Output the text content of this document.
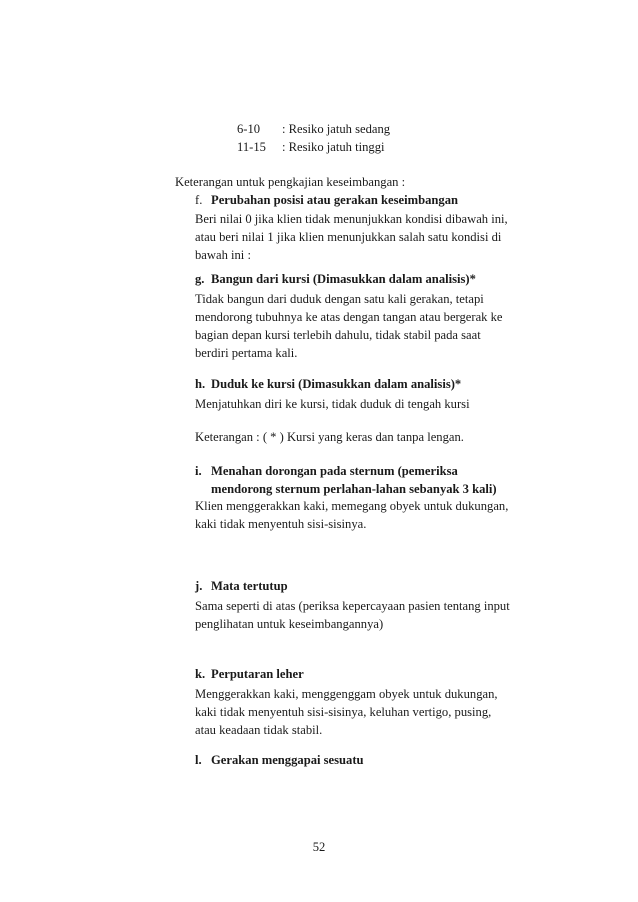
6-10 : Resiko jatuh sedang
11-15 : Resiko jatuh tinggi
Keterangan untuk pengkajian keseimbangan :
f. Perubahan posisi atau gerakan keseimbangan
Beri nilai 0 jika klien tidak menunjukkan kondisi dibawah ini,
atau beri nilai 1 jika klien menunjukkan salah satu kondisi di
bawah ini :
g. Bangun dari kursi (Dimasukkan dalam analisis)*
Tidak bangun dari duduk dengan satu kali gerakan, tetapi
mendorong tubuhnya ke atas dengan tangan atau bergerak ke
bagian depan kursi terlebih dahulu, tidak stabil pada saat
berdiri pertama kali.
h. Duduk ke kursi (Dimasukkan dalam analisis)*
Menjatuhkan diri ke kursi, tidak duduk di tengah kursi
Keterangan : ( * ) Kursi yang keras dan tanpa lengan.
i. Menahan dorongan pada sternum (pemeriksa
mendorong sternum perlahan-lahan sebanyak 3 kali)
Klien menggerakkan kaki, memegang obyek untuk dukungan,
kaki tidak menyentuh sisi-sisinya.
j. Mata tertutup
Sama seperti di atas (periksa kepercayaan pasien tentang input
penglihatan untuk keseimbangannya)
k. Perputaran leher
Menggerakkan kaki, menggenggam obyek untuk dukungan,
kaki tidak menyentuh sisi-sisinya, keluhan vertigo, pusing,
atau keadaan tidak stabil.
l. Gerakan menggapai sesuatu
52
